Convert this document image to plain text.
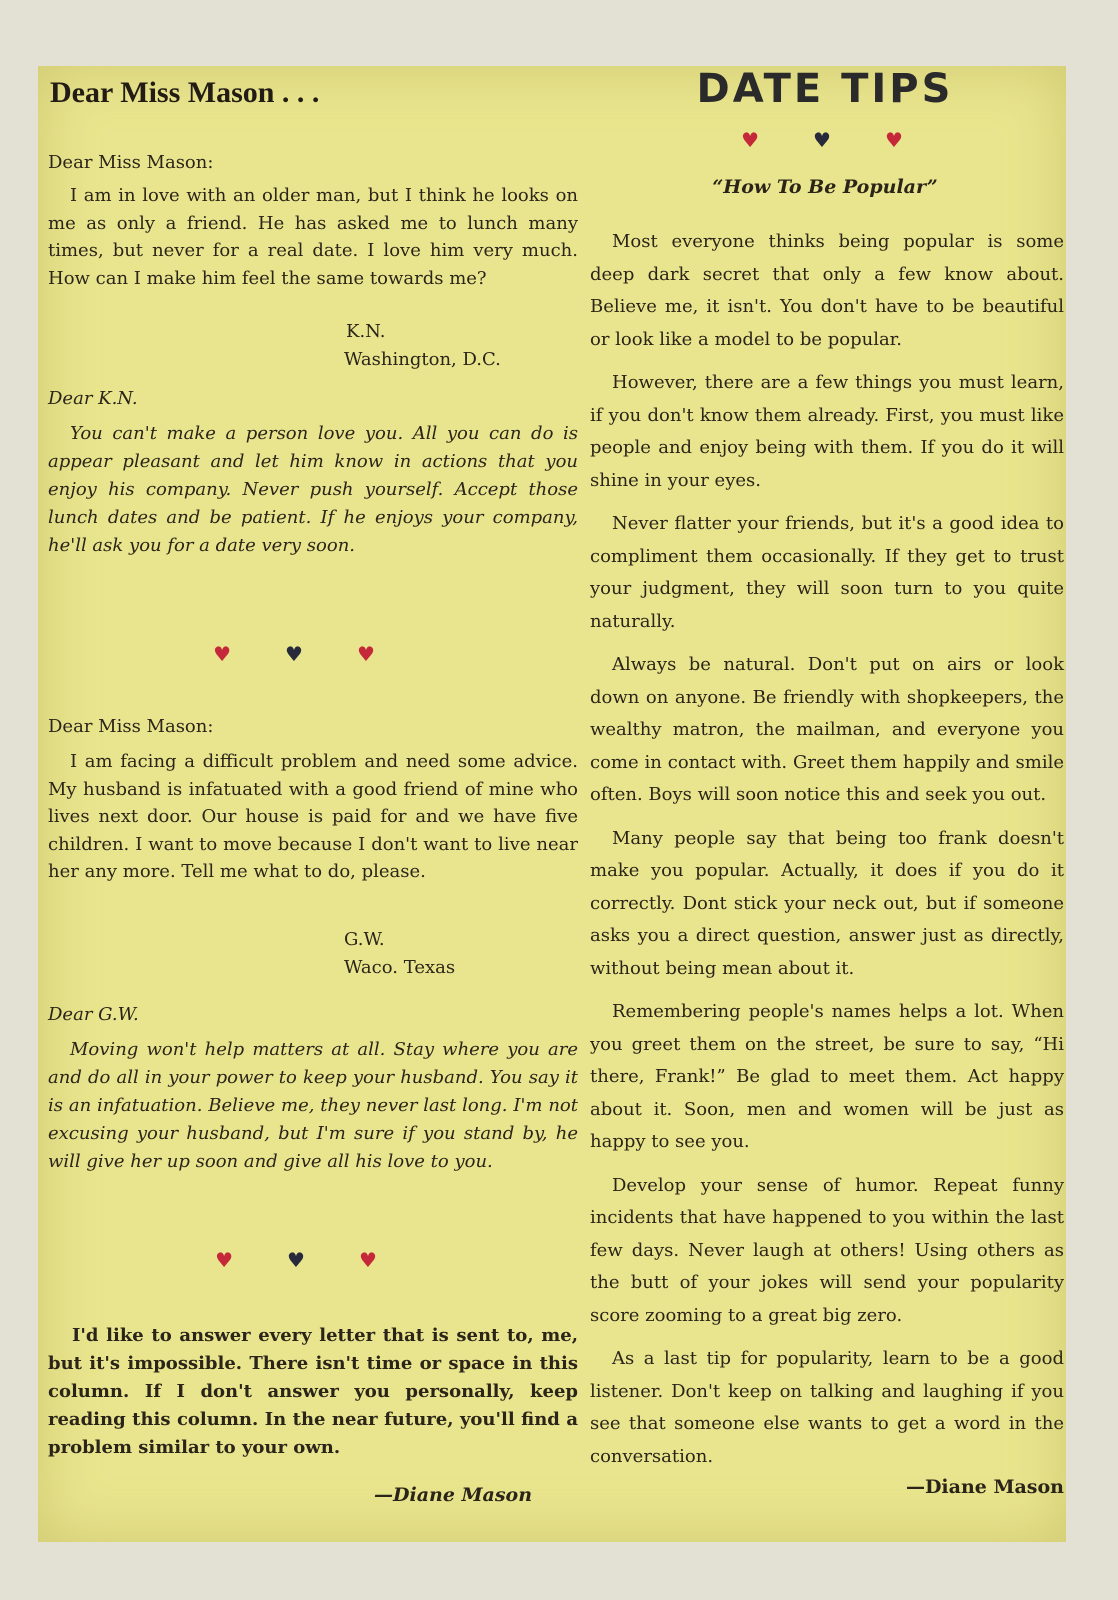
Dear Miss Mason . . .

Dear Miss Mason:

I am in love with an older man, but I think he looks on me as only a friend. He has asked me to lunch many times, but never for a real date. I love him very much. How can I make him feel the same towards me?

K.N.
Washington, D.C.

Dear K.N.

You can't make a person love you. All you can do is appear pleasant and let him know in actions that you enjoy his company. Never push yourself. Accept those lunch dates and be patient. If he enjoys your company, he'll ask you for a date very soon.

♥♥♥

Dear Miss Mason:

I am facing a difficult problem and need some advice. My husband is infatuated with a good friend of mine who lives next door. Our house is paid for and we have five children. I want to move because I don't want to live near her any more. Tell me what to do, please.

G.W.
Waco. Texas

Dear G.W.

Moving won't help matters at all. Stay where you are and do all in your power to keep your husband. You say it is an infatuation. Believe me, they never last long. I'm not excusing your husband, but I'm sure if you stand by, he will give her up soon and give all his love to you.

♥♥♥

I'd like to answer every letter that is sent to, me, but it's impossible. There isn't time or space in this column. If I don't answer you personally, keep reading this column. In the near future, you'll find a problem similar to your own.

—Diane Mason
DATE TIPS
♥♥♥
“How To Be Popular”

Most everyone thinks being popular is some deep dark secret that only a few know about. Believe me, it isn't. You don't have to be beautiful or look like a model to be popular.

However, there are a few things you must learn, if you don't know them already. First, you must like people and enjoy being with them. If you do it will shine in your eyes.

Never flatter your friends, but it's a good idea to compliment them occasionally. If they get to trust your judgment, they will soon turn to you quite naturally.

Always be natural. Don't put on airs or look down on anyone. Be friendly with shopkeepers, the wealthy matron, the mailman, and everyone you come in contact with. Greet them happily and smile often. Boys will soon notice this and seek you out.

Many people say that being too frank doesn't make you popular. Actually, it does if you do it correctly. Dont stick your neck out, but if someone asks you a direct question, answer just as directly, without being mean about it.

Remembering people's names helps a lot. When you greet them on the street, be sure to say, “Hi there, Frank!” Be glad to meet them. Act happy about it. Soon, men and women will be just as happy to see you.

Develop your sense of humor. Repeat funny incidents that have happened to you within the last few days. Never laugh at others! Using others as the butt of your jokes will send your popularity score zooming to a great big zero.

As a last tip for popularity, learn to be a good listener. Don't keep on talking and laughing if you see that someone else wants to get a word in the conversation.

—Diane Mason
